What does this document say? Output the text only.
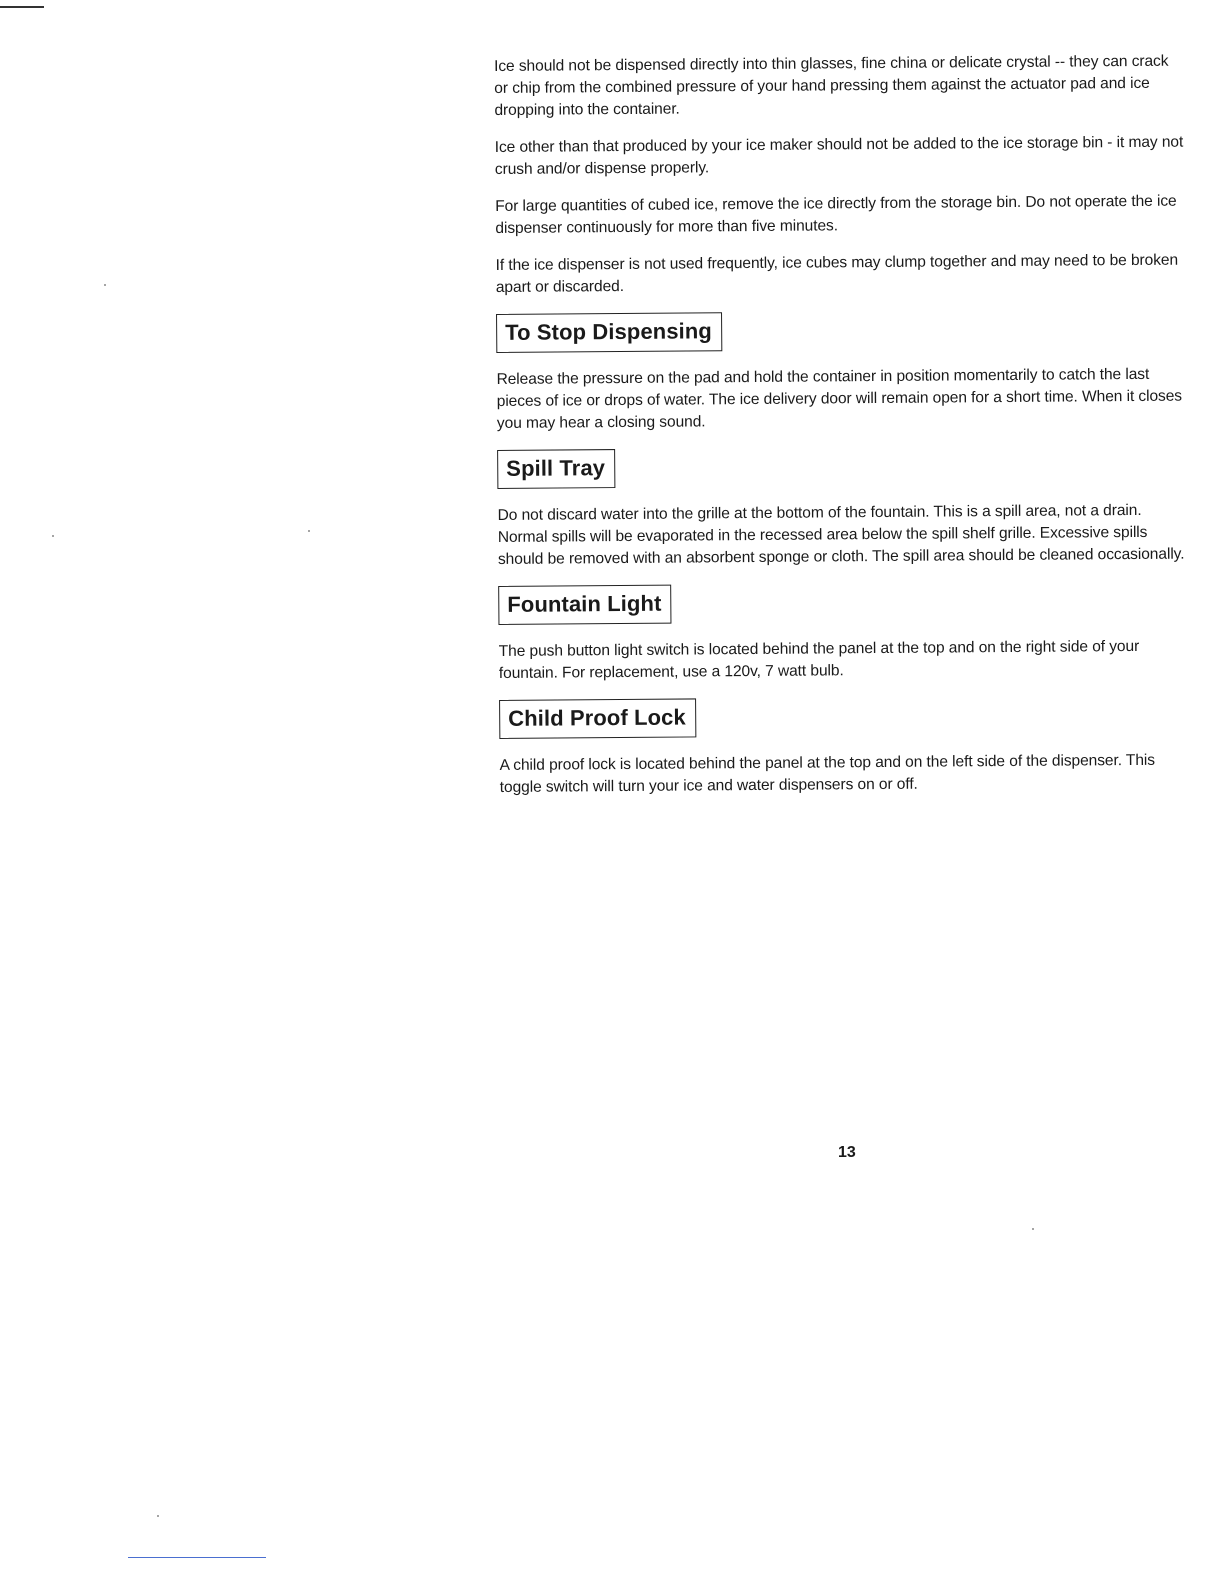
Ice should not be dispensed directly into thin glasses, fine china or delicate crystal -- they can crack or chip from the combined pressure of your hand pressing them against the actuator pad and ice dropping into the container.

Ice other than that produced by your ice maker should not be added to the ice storage bin - it may not crush and/or dispense properly.

For large quantities of cubed ice, remove the ice directly from the storage bin. Do not operate the ice dispenser continuously for more than five minutes.

If the ice dispenser is not used frequently, ice cubes may clump together and may need to be broken apart or discarded.

To Stop Dispensing

Release the pressure on the pad and hold the container in position momentarily to catch the last pieces of ice or drops of water. The ice delivery door will remain open for a short time. When it closes you may hear a closing sound.

Spill Tray

Do not discard water into the grille at the bottom of the fountain. This is a spill area, not a drain. Normal spills will be evaporated in the recessed area below the spill shelf grille. Excessive spills should be removed with an absorbent sponge or cloth. The spill area should be cleaned occasionally.

Fountain Light

The push button light switch is located behind the panel at the top and on the right side of your fountain. For replacement, use a 120v, 7 watt bulb.

Child Proof Lock

A child proof lock is located behind the panel at the top and on the left side of the dispenser. This toggle switch will turn your ice and water dispensers on or off.

13
